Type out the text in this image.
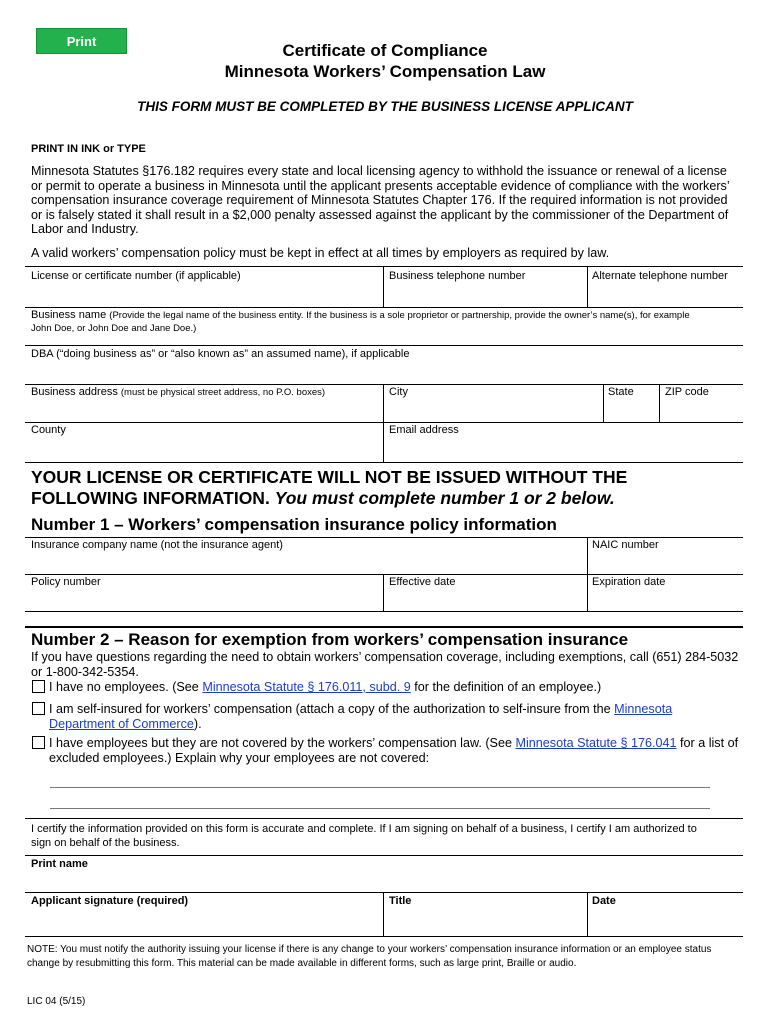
Print	Certificate of Compliance
Minnesota Workers’ Compensation Law
THIS FORM MUST BE COMPLETED BY THE BUSINESS LICENSE APPLICANT
PRINT IN INK or TYPE
Minnesota Statutes §176.182 requires every state and local licensing agency to withhold the issuance or renewal of a license
or permit to operate a business in Minnesota until the applicant presents acceptable evidence of compliance with the workers’
compensation insurance coverage requirement of Minnesota Statutes Chapter 176. If the required information is not provided
or is falsely stated it shall result in a $2,000 penalty assessed against the applicant by the commissioner of the Department of
Labor and Industry.
A valid workers’ compensation policy must be kept in effect at all times by employers as required by law.
License or certificate number (if applicable)	Business telephone number	Alternate telephone number
Business name (Provide the legal name of the business entity. If the business is a sole proprietor or partnership, provide the owner’s name(s), for example
John Doe, or John Doe and Jane Doe.)
DBA (“doing business as” or “also known as” an assumed name), if applicable
Business address (must be physical street address, no P.O. boxes)	City	State	ZIP code
County	Email address
YOUR LICENSE OR CERTIFICATE WILL NOT BE ISSUED WITHOUT THE
FOLLOWING INFORMATION. You must complete number 1 or 2 below.
Number 1 – Workers’ compensation insurance policy information
Insurance company name (not the insurance agent)	NAIC number
Policy number	Effective date	Expiration date
Number 2 – Reason for exemption from workers’ compensation insurance
If you have questions regarding the need to obtain workers’ compensation coverage, including exemptions, call (651) 284-5032
or 1-800-342-5354.
I have no employees. (See Minnesota Statute § 176.011, subd. 9 for the definition of an employee.)
I am self-insured for workers’ compensation (attach a copy of the authorization to self-insure from the Minnesota
Department of Commerce).
I have employees but they are not covered by the workers’ compensation law. (See Minnesota Statute § 176.041 for a list of
excluded employees.) Explain why your employees are not covered:
I certify the information provided on this form is accurate and complete. If I am signing on behalf of a business, I certify I am authorized to
sign on behalf of the business.
Print name
Applicant signature (required)	Title	Date
NOTE: You must notify the authority issuing your license if there is any change to your workers’ compensation insurance information or an employee status
change by resubmitting this form. This material can be made available in different forms, such as large print, Braille or audio.
LIC 04 (5/15)
